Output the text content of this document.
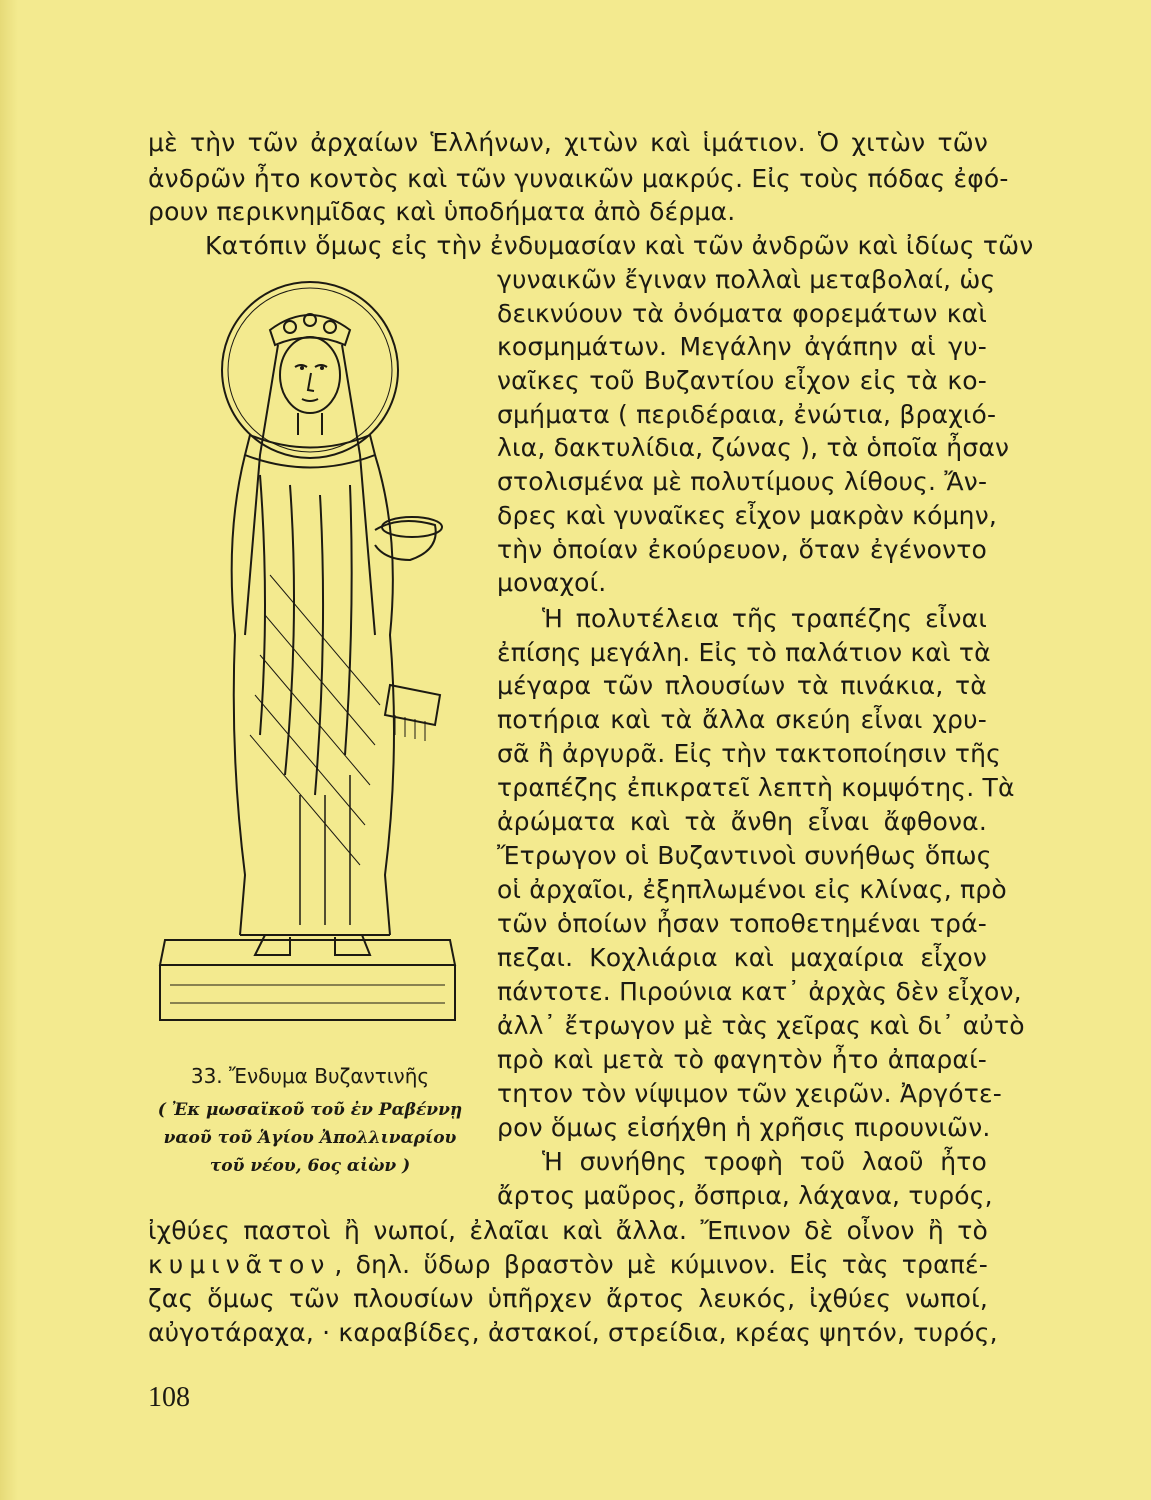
μὲ τὴν τῶν ἀρχαίων Ἑλλήνων, χιτὼν καὶ ἱμάτιον. Ὁ χιτὼν τῶν
ἀνδρῶν ἦτο κοντὸς καὶ τῶν γυναικῶν μακρύς. Εἰς τοὺς πόδας ἐφό-
ρουν περικνημῖδας καὶ ὑποδήματα ἀπὸ δέρμα.
Κατόπιν ὅμως εἰς τὴν ἐνδυμασίαν καὶ τῶν ἀνδρῶν καὶ ἰδίως τῶν
γυναικῶν ἔγιναν πολλαὶ μεταβολαί, ὡς
δεικνύουν τὰ ὀνόματα φορεμάτων καὶ
κοσμημάτων. Μεγάλην ἀγάπην αἱ γυ-
ναῖκες τοῦ Βυζαντίου εἶχον εἰς τὰ κο-
σμήματα ( περιδέραια, ἐνώτια, βραχιό-
λια, δακτυλίδια, ζώνας ), τὰ ὁποῖα ἦσαν
στολισμένα μὲ πολυτίμους λίθους. Ἄν-
δρες καὶ γυναῖκες εἶχον μακρὰν κόμην,
τὴν ὁποίαν ἐκούρευον, ὅταν ἐγένοντο
μοναχοί.
Ἡ πολυτέλεια τῆς τραπέζης εἶναι
ἐπίσης μεγάλη. Εἰς τὸ παλάτιον καὶ τὰ
μέγαρα τῶν πλουσίων τὰ πινάκια, τὰ
ποτήρια καὶ τὰ ἄλλα σκεύη εἶναι χρυ-
σᾶ ἢ ἀργυρᾶ. Εἰς τὴν τακτοποίησιν τῆς
τραπέζης ἐπικρατεῖ λεπτὴ κομψότης. Τὰ
ἀρώματα καὶ τὰ ἄνθη εἶναι ἄφθονα.
Ἔτρωγον οἱ Βυζαντινοὶ συνήθως ὅπως
οἱ ἀρχαῖοι, ἐξηπλωμένοι εἰς κλίνας, πρὸ
τῶν ὁποίων ἦσαν τοποθετημέναι τρά-
πεζαι. Κοχλιάρια καὶ μαχαίρια εἶχον
πάντοτε. Πιρούνια κατ᾽ ἀρχὰς δὲν εἶχον,
ἀλλ᾽ ἔτρωγον μὲ τὰς χεῖρας καὶ δι᾽ αὐτὸ
πρὸ καὶ μετὰ τὸ φαγητὸν ἦτο ἀπαραί-
τητον τὸν νίψιμον τῶν χειρῶν. Ἀργότε-
ρον ὅμως εἰσήχθη ἡ χρῆσις πιρουνιῶν.
Ἡ συνήθης τροφὴ τοῦ λαοῦ ἦτο
ἄρτος μαῦρος, ὄσπρια, λάχανα, τυρός,
33. Ἔνδυμα Βυζαντινῆς
( Ἐκ μωσαϊκοῦ τοῦ ἐν Ραβέννῃ
ναοῦ τοῦ Ἁγίου Ἀπολλιναρίου
τοῦ νέου, 6ος αἰὼν )
ἰχθύες παστοὶ ἢ νωποί, ἐλαῖαι καὶ ἄλλα. Ἔπινον δὲ οἶνον ἢ τὸ
κυμινᾶτον , δηλ. ὕδωρ βραστὸν μὲ κύμινον. Εἰς τὰς τραπέ-
ζας ὅμως τῶν πλουσίων ὑπῆρχεν ἄρτος λευκός, ἰχθύες νωποί,
αὐγοτάραχα, · καραβίδες, ἀστακοί, στρείδια, κρέας ψητόν, τυρός,
108
